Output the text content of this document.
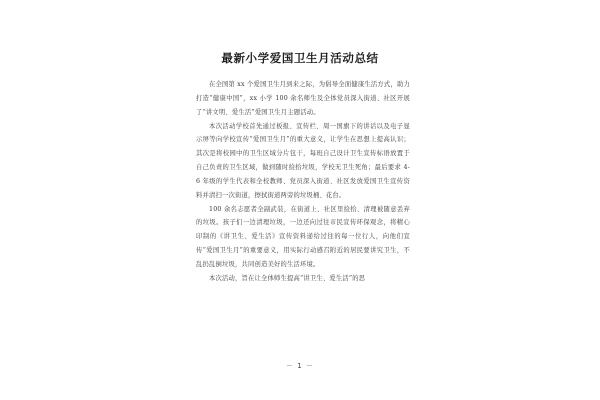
最新小学爱国卫生月活动总结

在全国第 xx 个爱国卫生月到来之际，为倡导全面健康生活方式，助力打造“健康中国”，xx 小学 100 余名师生及全体党员深入街道、社区开展了“讲文明、爱生活”爱国卫生月主题活动。

本次活动学校首先通过板报、宣传栏、周一国旗下的讲话以及电子显示屏等向学校宣传“爱国卫生月”的重大意义，让学生在思想上提高认识；其次是将校园中的卫生区域分片包干，每班自己设计卫生宣传标语放置于自己负责的卫生区域，做到随时捡拾垃圾，学校无卫生死角；最后要求 4-6 年级的学生代表和全校教师、党员深入街道、社区发放爱国卫生宣传资料并清扫一次街道，擦拭街道两旁的垃圾桶、花台。

100 余名志愿者全副武装，在街道上、社区里捡拾、清理被随意丢弃的垃圾。孩子们一边清理垃圾，一边还向过往市民宣传环保观念，将精心印制的《讲卫生、爱生活》宣传资料递给过往的每一位行人，向他们宣传“爱国卫生月”的重要意义，用实际行动感召附近的居民要讲究卫生，不乱扔乱倒垃圾，共同创造美好的生活环境。

本次活动，旨在让全体师生提高“讲卫生、爱生活”的思

－ 1 －
